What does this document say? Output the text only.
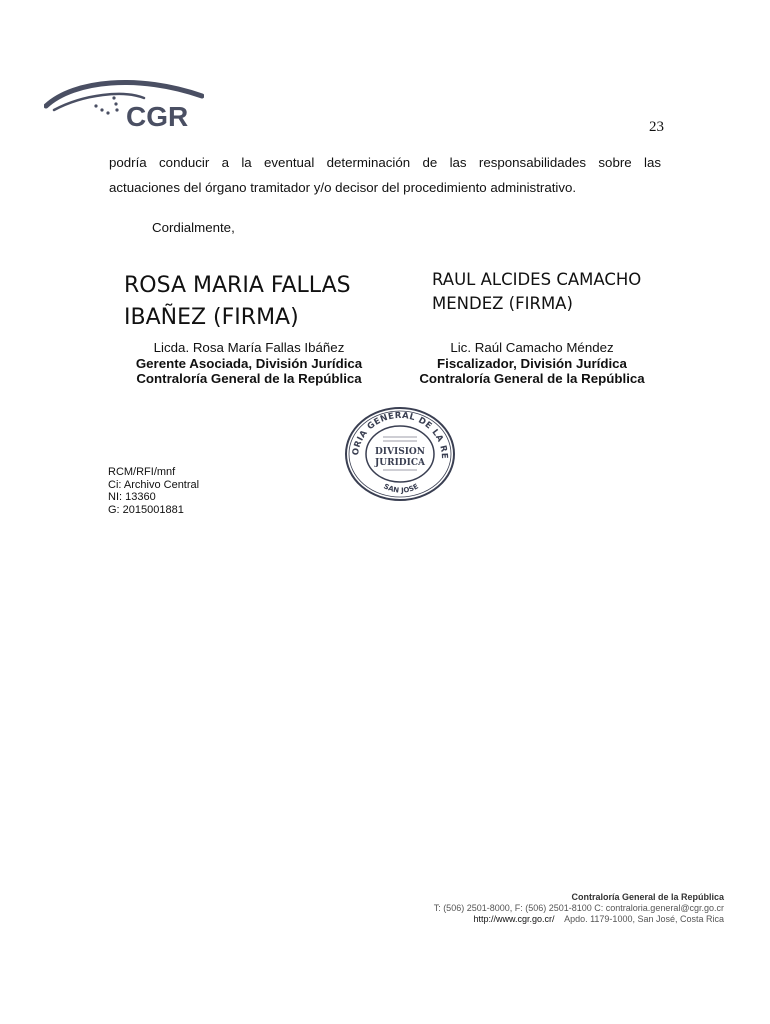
CGR	23

podría conducir a la eventual determinación de las responsabilidades sobre las

actuaciones del órgano tramitador y/o decisor del procedimiento administrativo.

Cordialmente,
ROSA MARIA FALLAS IBAÑEZ (FIRMA)
Licda. Rosa María Fallas Ibáñez
Gerente Asociada, División Jurídica
Contraloría General de la República
RAUL ALCIDES CAMACHO MENDEZ (FIRMA)
Lic. Raúl Camacho Méndez
Fiscalizador, División Jurídica
Contraloría General de la República
ORIA GENERAL DE LA RE
DIVISION
JURIDICA
SAN JOSE
RCM/RFI/mnf
Ci: Archivo Central
NI: 13360
G: 2015001881
Contraloría General de la República
T: (506) 2501-8000, F: (506) 2501-8100 C: contraloria.general@cgr.go.cr
http://www.cgr.go.cr/ Apdo. 1179-1000, San José, Costa Rica
